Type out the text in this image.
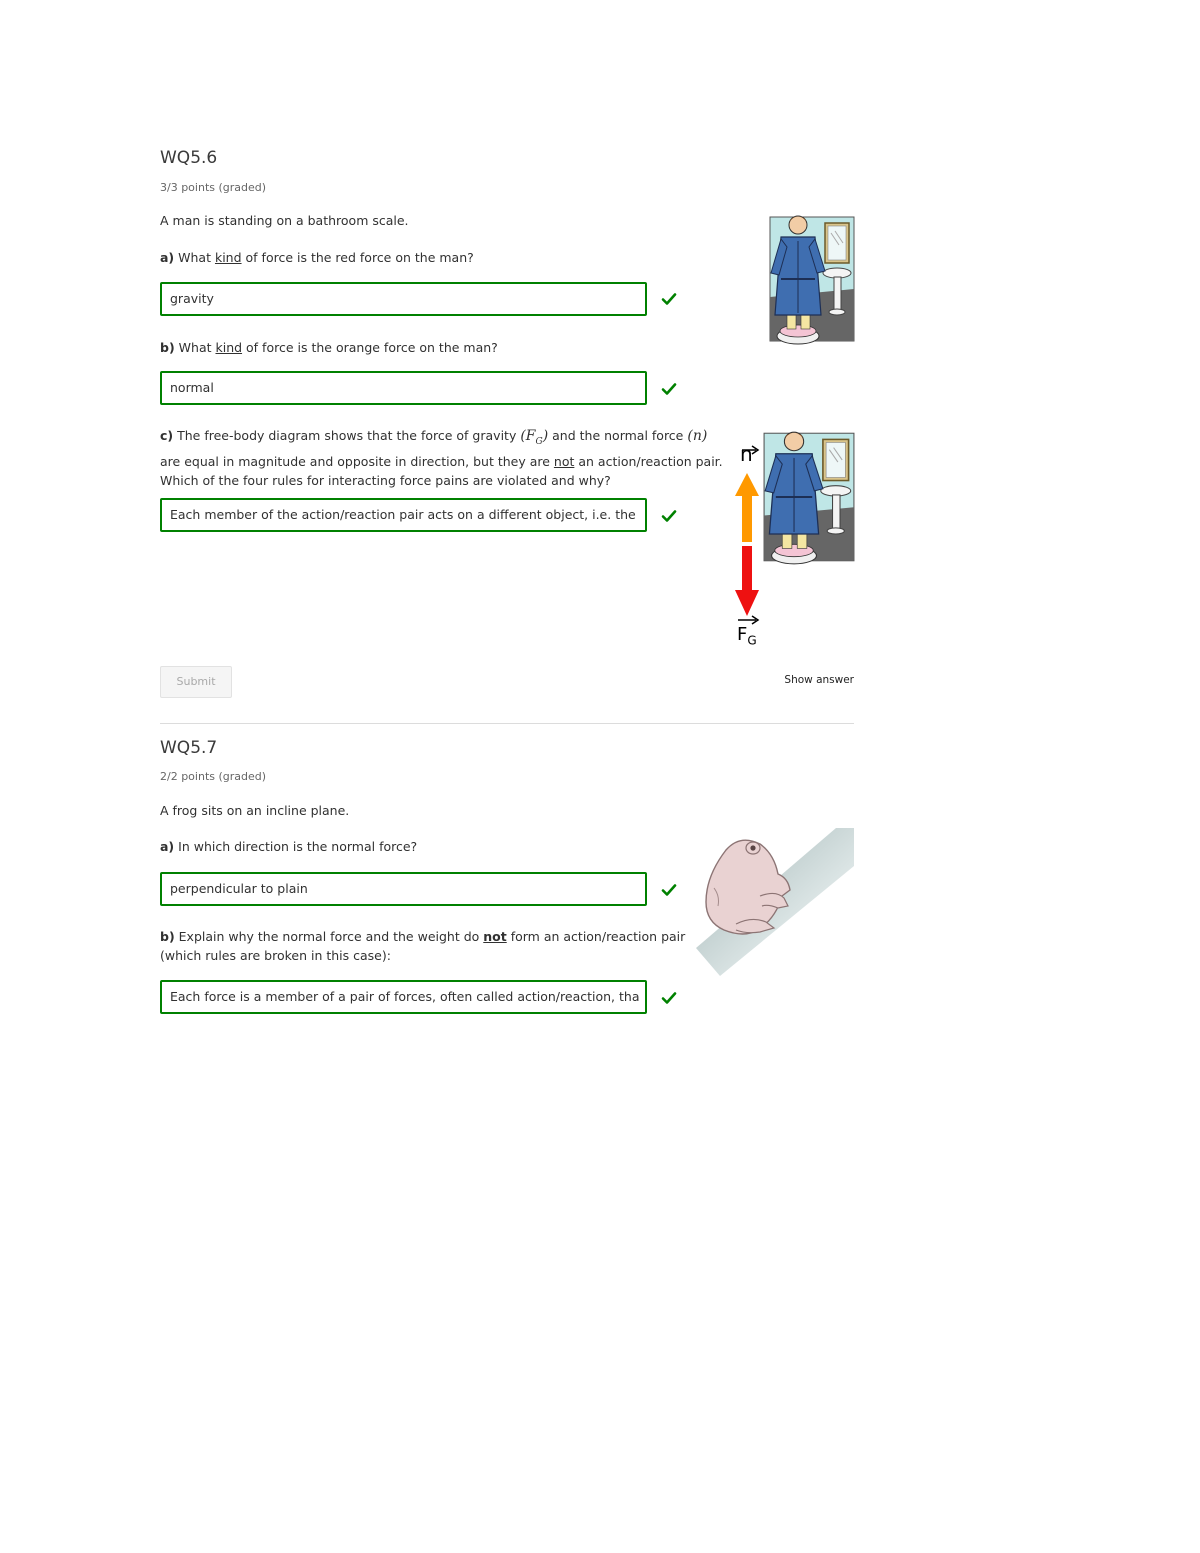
WQ5.6
3/3 points (graded)
A man is standing on a bathroom scale.
a) What kind of force is the red force on the man?
gravity
b) What kind of force is the orange force on the man?
normal
c) The free-body diagram shows that the force of gravity $(F_G)$ and the normal force (n)
are equal in magnitude and opposite in direction, but they are not an action/reaction pair.
Which of the four rules for interacting force pains are violated and why?
Each member of the action/reaction pair acts on a different object, i.e. the
n
$F_G$
Submit	Show answer
WQ5.7
2/2 points (graded)
A frog sits on an incline plane.
a) In which direction is the normal force?
perpendicular to plain
b) Explain why the normal force and the weight do not form an action/reaction pair
(which rules are broken in this case):
Each force is a member of a pair of forces, often called action/reaction, tha
